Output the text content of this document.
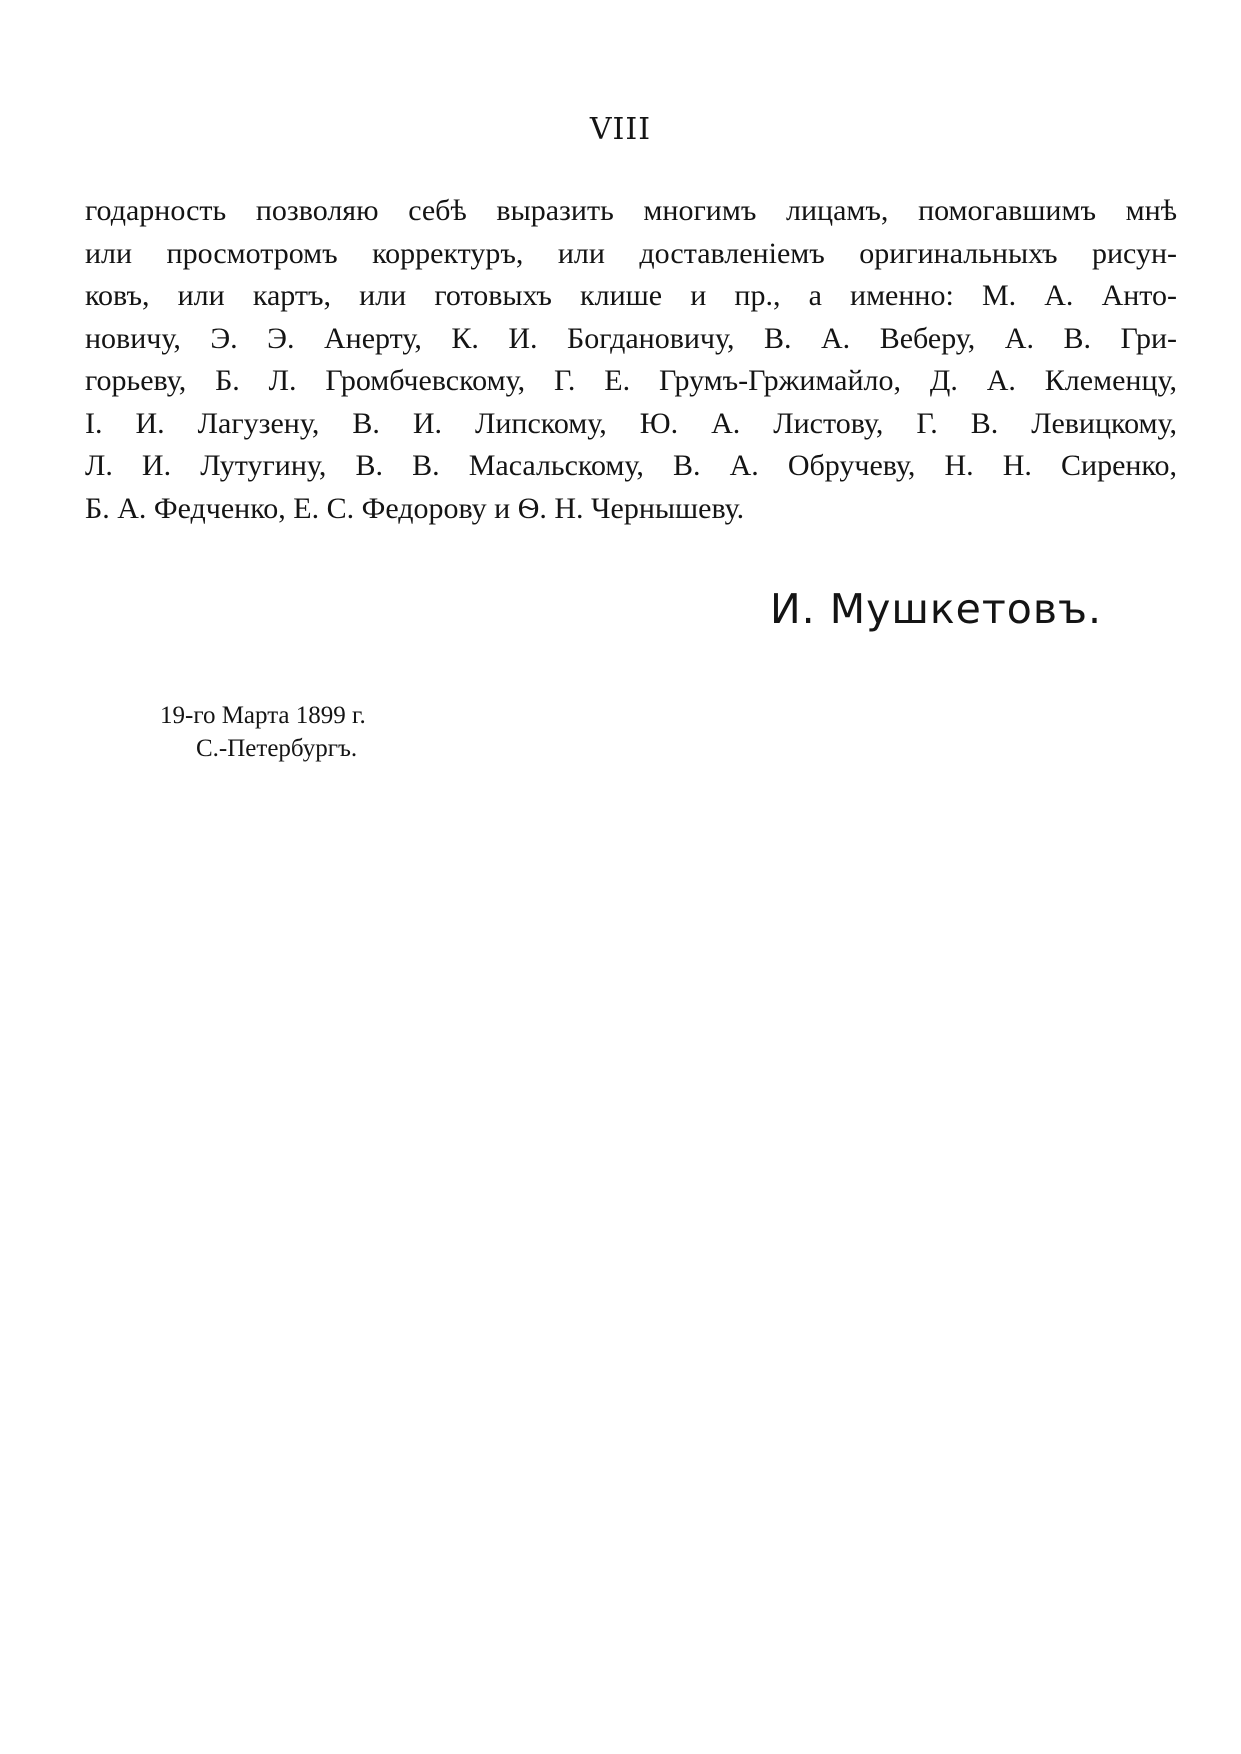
VIII
годарность позволяю себѣ выразить многимъ лицамъ, помогавшимъ мнѣ
или просмотромъ корректуръ, или доставленіемъ оригинальныхъ рисун-
ковъ, или картъ, или готовыхъ клише и пр., а именно: М. А. Анто-
новичу, Э. Э. Анерту, К. И. Богдановичу, В. А. Веберу, А. В. Гри-
горьеву, Б. Л. Громбчевскому, Г. Е. Грумъ-Гржимайло, Д. А. Клеменцу,
І. И. Лагузену, В. И. Липскому, Ю. А. Листову, Г. В. Левицкому,
Л. И. Лутугину, В. В. Масальскому, В. А. Обручеву, Н. Н. Сиренко,
Б. А. Федченко, Е. С. Федорову и Ѳ. Н. Чернышеву.
И. Мушкетовъ.
19-го Марта 1899 г.
С.-Петербургъ.
